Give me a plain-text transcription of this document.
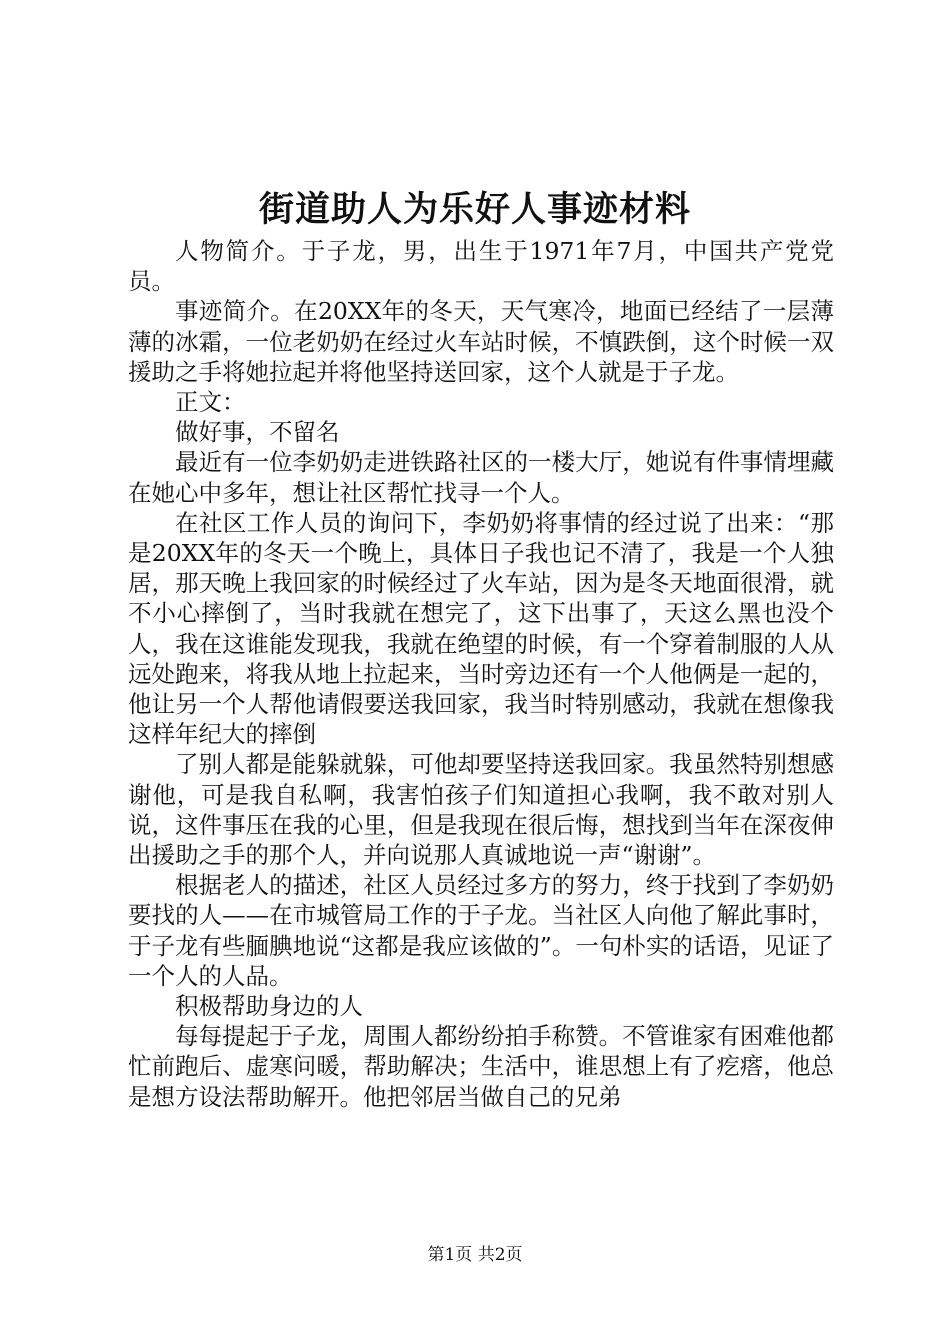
街道助人为乐好人事迹材料

人物简介。于子龙，男，出生于1971年7月，中国共产党党员。

事迹简介。在20XX年的冬天，天气寒冷，地面已经结了一层薄薄的冰霜，一位老奶奶在经过火车站时候，不慎跌倒，这个时候一双援助之手将她拉起并将他坚持送回家，这个人就是于子龙。

正文：

做好事，不留名

最近有一位李奶奶走进铁路社区的一楼大厅，她说有件事情埋藏在她心中多年，想让社区帮忙找寻一个人。

在社区工作人员的询问下，李奶奶将事情的经过说了出来：“那是20XX年的冬天一个晚上，具体日子我也记不清了，我是一个人独居，那天晚上我回家的时候经过了火车站，因为是冬天地面很滑，就不小心摔倒了，当时我就在想完了，这下出事了，天这么黑也没个人，我在这谁能发现我，我就在绝望的时候，有一个穿着制服的人从远处跑来，将我从地上拉起来，当时旁边还有一个人他俩是一起的，他让另一个人帮他请假要送我回家，我当时特别感动，我就在想像我这样年纪大的摔倒

了别人都是能躲就躲，可他却要坚持送我回家。我虽然特别想感谢他，可是我自私啊，我害怕孩子们知道担心我啊，我不敢对别人说，这件事压在我的心里，但是我现在很后悔，想找到当年在深夜伸出援助之手的那个人，并向说那人真诚地说一声“谢谢”。

根据老人的描述，社区人员经过多方的努力，终于找到了李奶奶要找的人——在市城管局工作的于子龙。当社区人向他了解此事时，于子龙有些腼腆地说“这都是我应该做的”。一句朴实的话语，见证了一个人的人品。

积极帮助身边的人

每每提起于子龙，周围人都纷纷拍手称赞。不管谁家有困难他都忙前跑后、虚寒问暖，帮助解决；生活中，谁思想上有了疙瘩，他总是想方设法帮助解开。他把邻居当做自己的兄弟

第1页 共2页
